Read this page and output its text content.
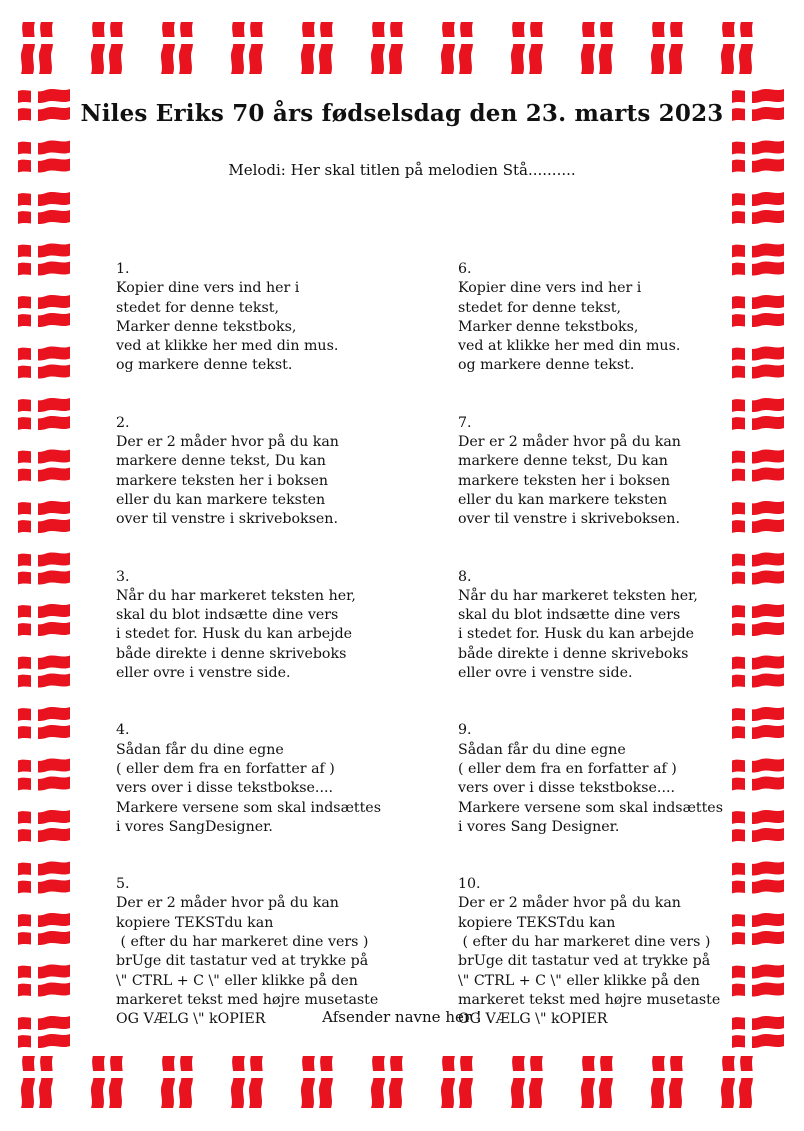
Niles Eriks 70 års fødselsdag den 23. marts 2023
Melodi: Her skal titlen på melodien Stå..........
1.
Kopier dine vers ind her i
stedet for denne tekst,
Marker denne tekstboks,
ved at klikke her med din mus.
og markere denne tekst.
2.
Der er 2 måder hvor på du kan
markere denne tekst, Du kan
markere teksten her i boksen
eller du kan markere teksten
over til venstre i skriveboksen.
3.
Når du har markeret teksten her,
skal du blot indsætte dine vers
i stedet for. Husk du kan arbejde
både direkte i denne skriveboks
eller ovre i venstre side.
4.
Sådan får du dine egne
( eller dem fra en forfatter af )
vers over i disse tekstbokse....
Markere versene som skal indsættes
i vores SangDesigner.
5.
Der er 2 måder hvor på du kan
kopiere TEKSTdu kan
( efter du har markeret dine vers )
brUge dit tastatur ved at trykke på
\" CTRL + C \" eller klikke på den
markeret tekst med højre musetaste
OG VÆLG \" kOPIER
6.
Kopier dine vers ind her i
stedet for denne tekst,
Marker denne tekstboks,
ved at klikke her med din mus.
og markere denne tekst.
7.
Der er 2 måder hvor på du kan
markere denne tekst, Du kan
markere teksten her i boksen
eller du kan markere teksten
over til venstre i skriveboksen.
8.
Når du har markeret teksten her,
skal du blot indsætte dine vers
i stedet for. Husk du kan arbejde
både direkte i denne skriveboks
eller ovre i venstre side.
9.
Sådan får du dine egne
( eller dem fra en forfatter af )
vers over i disse tekstbokse....
Markere versene som skal indsættes
i vores Sang Designer.
10.
Der er 2 måder hvor på du kan
kopiere TEKSTdu kan
( efter du har markeret dine vers )
brUge dit tastatur ved at trykke på
\" CTRL + C \" eller klikke på den
markeret tekst med højre musetaste
OG VÆLG \" kOPIER
Afsender navne her !
